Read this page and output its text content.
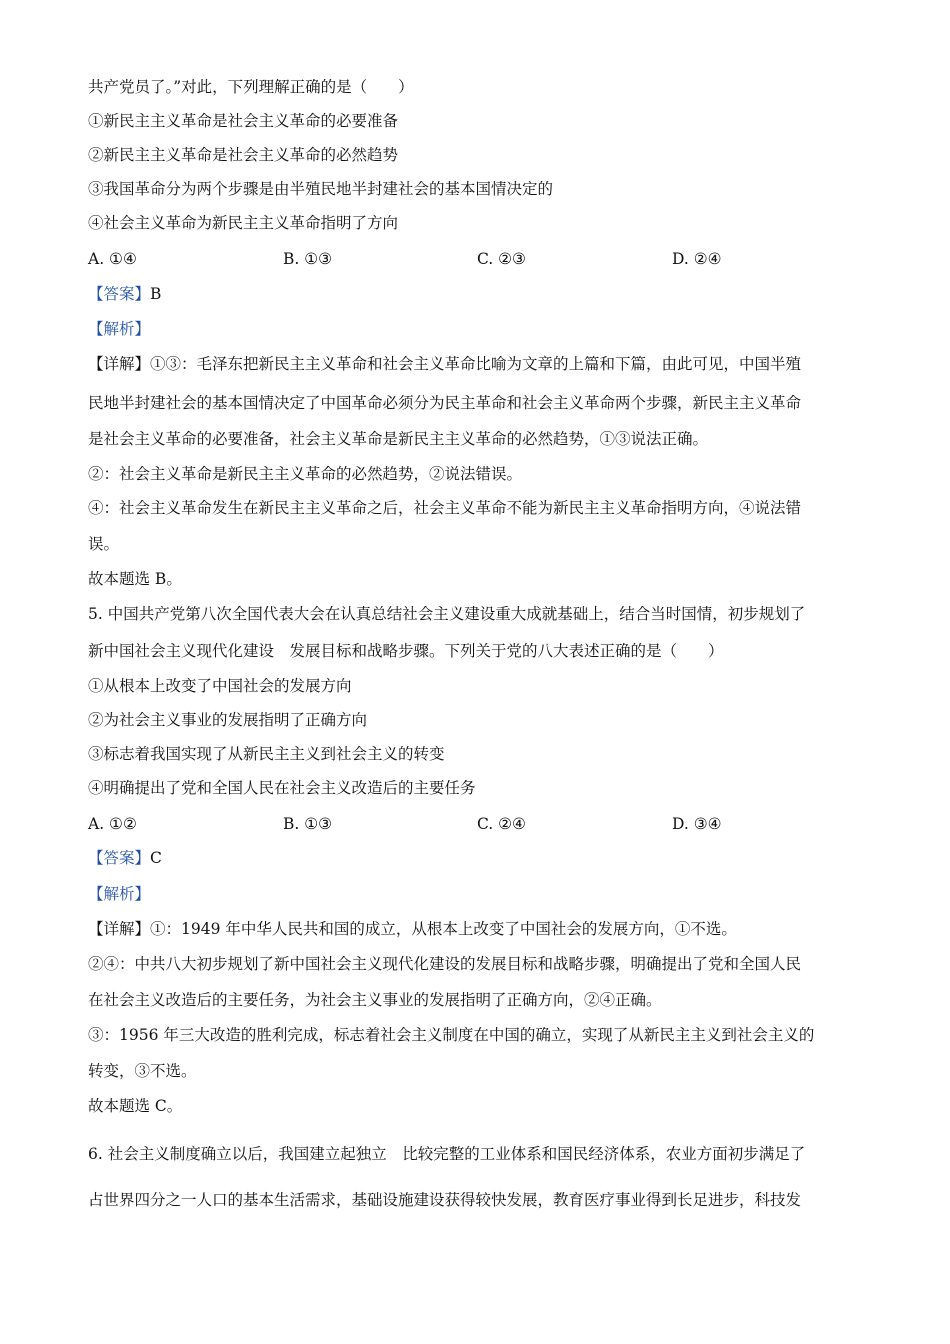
共产党员了。”对此，下列理解正确的是（　　）
①新民主主义革命是社会主义革命的必要准备
②新民主主义革命是社会主义革命的必然趋势
③我国革命分为两个步骤是由半殖民地半封建社会的基本国情决定的
④社会主义革命为新民主主义革命指明了方向
A. ①④	B. ①③	C. ②③	D. ②④
【答案】B
【解析】
【详解】①③：毛泽东把新民主主义革命和社会主义革命比喻为文章的上篇和下篇，由此可见，中国半殖
民地半封建社会的基本国情决定了中国革命必须分为民主革命和社会主义革命两个步骤，新民主主义革命
是社会主义革命的必要准备，社会主义革命是新民主主义革命的必然趋势，①③说法正确。
②：社会主义革命是新民主主义革命的必然趋势，②说法错误。
④：社会主义革命发生在新民主主义革命之后，社会主义革命不能为新民主主义革命指明方向，④说法错
误。
故本题选 B。
5. 中国共产党第八次全国代表大会在认真总结社会主义建设重大成就基础上，结合当时国情，初步规划了
新中国社会主义现代化建设　发展目标和战略步骤。下列关于党的八大表述正确的是（　　）
①从根本上改变了中国社会的发展方向
②为社会主义事业的发展指明了正确方向
③标志着我国实现了从新民主主义到社会主义的转变
④明确提出了党和全国人民在社会主义改造后的主要任务
A. ①②	B. ①③	C. ②④	D. ③④
【答案】C
【解析】
【详解】①：1949 年中华人民共和国的成立，从根本上改变了中国社会的发展方向，①不选。
②④：中共八大初步规划了新中国社会主义现代化建设的发展目标和战略步骤，明确提出了党和全国人民
在社会主义改造后的主要任务，为社会主义事业的发展指明了正确方向，②④正确。
③：1956 年三大改造的胜利完成，标志着社会主义制度在中国的确立，实现了从新民主主义到社会主义的
转变，③不选。
故本题选 C。
6. 社会主义制度确立以后，我国建立起独立　比较完整的工业体系和国民经济体系，农业方面初步满足了
占世界四分之一人口的基本生活需求，基础设施建设获得较快发展，教育医疗事业得到长足进步，科技发
